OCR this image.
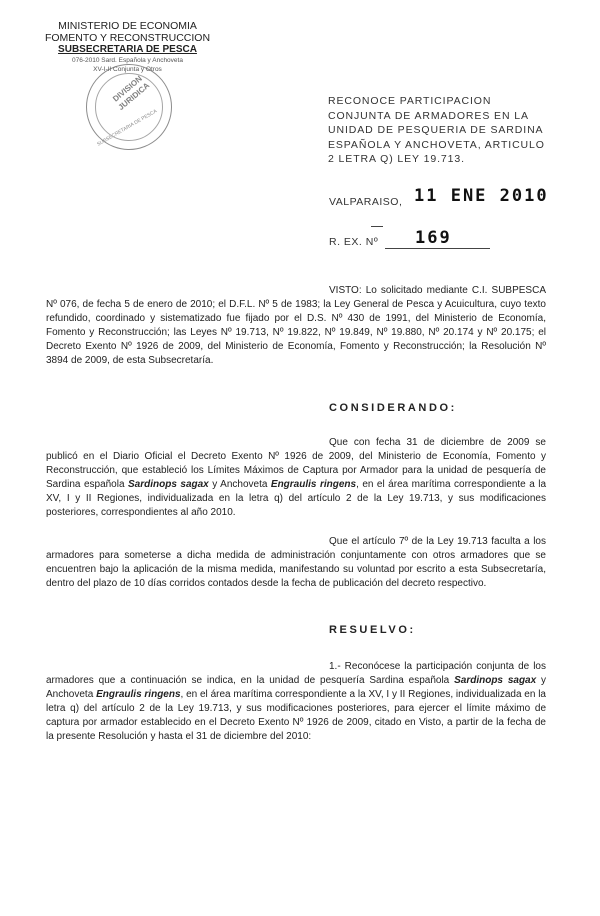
MINISTERIO DE ECONOMIA
FOMENTO Y RECONSTRUCCION
SUBSECRETARIA DE PESCA
076-2010 Sard. Española y Anchoveta
XV-I-II Conjunta y Otros
DIVISION JURIDICA
SUBSECRETARIA DE PESCA
RECONOCE PARTICIPACION CONJUNTA DE ARMADORES EN LA UNIDAD DE PESQUERIA DE SARDINA ESPAÑOLA Y ANCHOVETA, ARTICULO 2 LETRA Q) LEY 19.713.
VALPARAISO, 11 ENE 2010
R. EX. Nº 169

VISTO: Lo solicitado mediante C.I. SUBPESCA Nº 076, de fecha 5 de enero de 2010; el D.F.L. Nº 5 de 1983; la Ley General de Pesca y Acuicultura, cuyo texto refundido, coordinado y sistematizado fue fijado por el D.S. Nº 430 de 1991, del Ministerio de Economía, Fomento y Reconstrucción; las Leyes Nº 19.713, Nº 19.822, Nº 19.849, Nº 19.880, Nº 20.174 y Nº 20.175; el Decreto Exento Nº 1926 de 2009, del Ministerio de Economía, Fomento y Reconstrucción; la Resolución Nº 3894 de 2009, de esta Subsecretaría.

CONSIDERANDO:

Que con fecha 31 de diciembre de 2009 se publicó en el Diario Oficial el Decreto Exento Nº 1926 de 2009, del Ministerio de Economía, Fomento y Reconstrucción, que estableció los Límites Máximos de Captura por Armador para la unidad de pesquería de Sardina española Sardinops sagax y Anchoveta Engraulis ringens, en el área marítima correspondiente a la XV, I y II Regiones, individualizada en la letra q) del artículo 2 de la Ley 19.713, y sus modificaciones posteriores, correspondientes al año 2010.

Que el artículo 7º de la Ley 19.713 faculta a los armadores para someterse a dicha medida de administración conjuntamente con otros armadores que se encuentren bajo la aplicación de la misma medida, manifestando su voluntad por escrito a esta Subsecretaría, dentro del plazo de 10 días corridos contados desde la fecha de publicación del decreto respectivo.

RESUELVO:

1.- Reconócese la participación conjunta de los armadores que a continuación se indica, en la unidad de pesquería Sardina española Sardinops sagax y Anchoveta Engraulis ringens, en el área marítima correspondiente a la XV, I y II Regiones, individualizada en la letra q) del artículo 2 de la Ley 19.713, y sus modificaciones posteriores, para ejercer el límite máximo de captura por armador establecido en el Decreto Exento Nº 1926 de 2009, citado en Visto, a partir de la fecha de la presente Resolución y hasta el 31 de diciembre del 2010:
